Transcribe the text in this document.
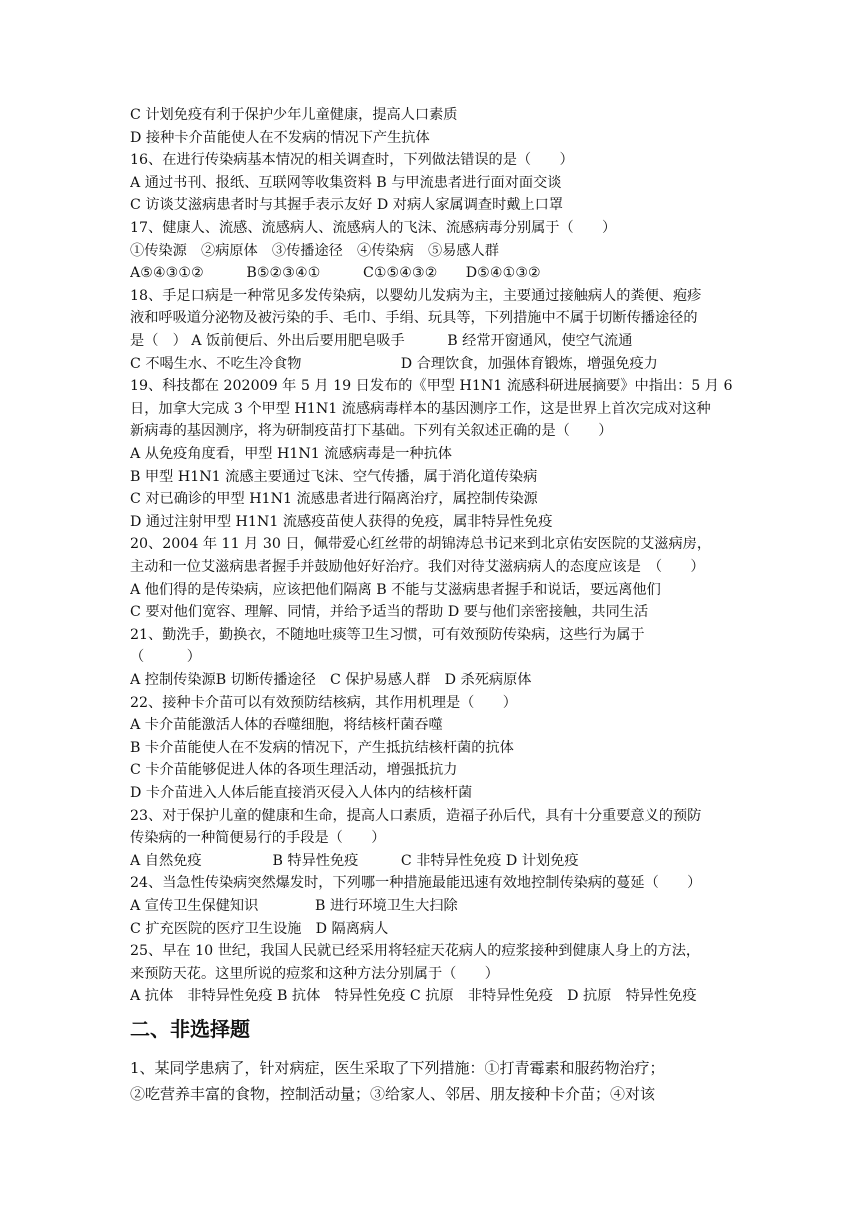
C 计划免疫有利于保护少年儿童健康，提高人口素质
D 接种卡介苗能使人在不发病的情况下产生抗体
16、在进行传染病基本情况的相关调查时，下列做法错误的是（　　）
A 通过书刊、报纸、互联网等收集资料 B 与甲流患者进行面对面交谈
C 访谈艾滋病患者时与其握手表示友好 D 对病人家属调查时戴上口罩
17、健康人、流感、流感病人、流感病人的飞沫、流感病毒分别属于（　　）
①传染源　②病原体　③传播途径　④传染病　⑤易感人群
A⑤④③①②　　　B⑤②③④①　　　C①⑤④③②　　D⑤④①③②
18、手足口病是一种常见多发传染病，以婴幼儿发病为主，主要通过接触病人的粪便、疱疹
液和呼吸道分泌物及被污染的手、毛巾、手绢、玩具等，下列措施中不属于切断传播途径的
是（　） A 饭前便后、外出后要用肥皂吸手　　　B 经常开窗通风，使空气流通
C 不喝生水、不吃生冷食物　　　　　　　D 合理饮食，加强体育锻炼，增强免疫力
19、科技都在 202009 年 5 月 19 日发布的《甲型 H1N1 流感科研进展摘要》中指出：5 月 6
日，加拿大完成 3 个甲型 H1N1 流感病毒样本的基因测序工作，这是世界上首次完成对这种
新病毒的基因测序，将为研制疫苗打下基础。下列有关叙述正确的是（　　）
A 从免疫角度看，甲型 H1N1 流感病毒是一种抗体
B 甲型 H1N1 流感主要通过飞沫、空气传播，属于消化道传染病
C 对已确诊的甲型 H1N1 流感患者进行隔离治疗，属控制传染源
D 通过注射甲型 H1N1 流感疫苗使人获得的免疫，属非特异性免疫
20、2004 年 11 月 30 日，佩带爱心红丝带的胡锦涛总书记来到北京佑安医院的艾滋病房，
主动和一位艾滋病患者握手并鼓励他好好治疗。我们对待艾滋病病人的态度应该是　（　　）
A 他们得的是传染病，应该把他们隔离 B 不能与艾滋病患者握手和说话，要远离他们
C 要对他们宽容、理解、同情，并给予适当的帮助 D 要与他们亲密接触，共同生活
21、勤洗手，勤换衣，不随地吐痰等卫生习惯，可有效预防传染病，这些行为属于
（　　　）
A 控制传染源B 切断传播途径　C 保护易感人群　D 杀死病原体
22、接种卡介苗可以有效预防结核病，其作用机理是（　　）
A 卡介苗能激活人体的吞噬细胞，将结核杆菌吞噬
B 卡介苗能使人在不发病的情况下，产生抵抗结核杆菌的抗体
C 卡介苗能够促进人体的各项生理活动，增强抵抗力
D 卡介苗进入人体后能直接消灭侵入人体内的结核杆菌
23、对于保护儿童的健康和生命，提高人口素质，造福子孙后代，具有十分重要意义的预防
传染病的一种简便易行的手段是（　　）
A 自然免疫　　　　　B 特异性免疫　　　C 非特异性免疫 D 计划免疫
24、当急性传染病突然爆发时，下列哪一种措施最能迅速有效地控制传染病的蔓延（　　）
A 宣传卫生保健知识　　　　B 进行环境卫生大扫除
C 扩充医院的医疗卫生设施　D 隔离病人
25、早在 10 世纪，我国人民就已经采用将轻症天花病人的痘浆接种到健康人身上的方法，
来预防天花。这里所说的痘浆和这种方法分别属于（　　）
A 抗体　非特异性免疫 B 抗体　特异性免疫 C 抗原　非特异性免疫　D 抗原　特异性免疫
二、非选择题
1、某同学患病了，针对病症，医生采取了下列措施：①打青霉素和服药物治疗；
②吃营养丰富的食物，控制活动量；③给家人、邻居、朋友接种卡介苗；④对该
